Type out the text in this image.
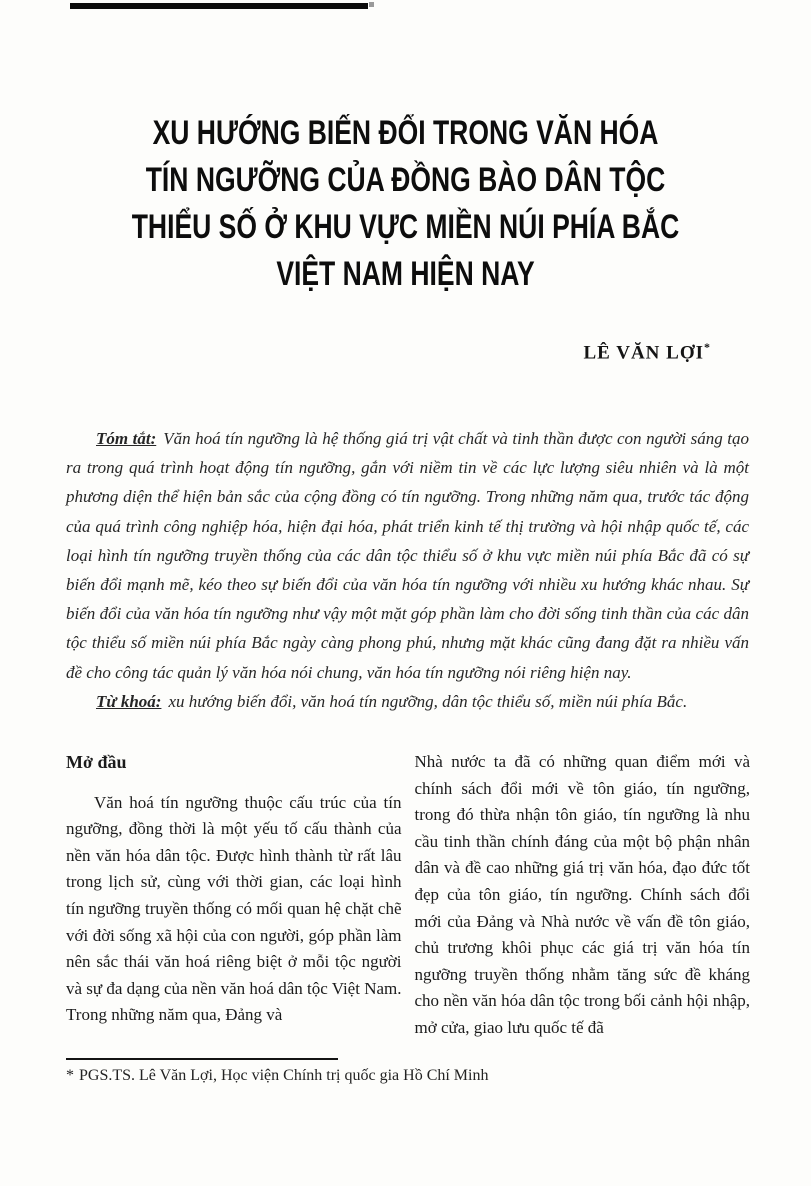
XU HƯỚNG BIẾN ĐỔI TRONG VĂN HÓA
TÍN NGƯỠNG CỦA ĐỒNG BÀO DÂN TỘC
THIỂU SỐ Ở KHU VỰC MIỀN NÚI PHÍA BẮC
VIỆT NAM HIỆN NAY
LÊ VĂN LỢI*

Tóm tắt: Văn hoá tín ngưỡng là hệ thống giá trị vật chất và tinh thần được con người sáng tạo ra trong quá trình hoạt động tín ngưỡng, gắn với niềm tin về các lực lượng siêu nhiên và là một phương diện thể hiện bản sắc của cộng đồng có tín ngưỡng. Trong những năm qua, trước tác động của quá trình công nghiệp hóa, hiện đại hóa, phát triển kinh tế thị trường và hội nhập quốc tế, các loại hình tín ngưỡng truyền thống của các dân tộc thiểu số ở khu vực miền núi phía Bắc đã có sự biến đổi mạnh mẽ, kéo theo sự biến đổi của văn hóa tín ngưỡng với nhiều xu hướng khác nhau. Sự biến đổi của văn hóa tín ngưỡng như vậy một mặt góp phần làm cho đời sống tinh thần của các dân tộc thiểu số miền núi phía Bắc ngày càng phong phú, nhưng mặt khác cũng đang đặt ra nhiều vấn đề cho công tác quản lý văn hóa nói chung, văn hóa tín ngưỡng nói riêng hiện nay.

Từ khoá: xu hướng biến đổi, văn hoá tín ngưỡng, dân tộc thiểu số, miền núi phía Bắc.

Mở đầu

Văn hoá tín ngưỡng thuộc cấu trúc của tín ngưỡng, đồng thời là một yếu tố cấu thành của nền văn hóa dân tộc. Được hình thành từ rất lâu trong lịch sử, cùng với thời gian, các loại hình tín ngưỡng truyền thống có mối quan hệ chặt chẽ với đời sống xã hội của con người, góp phần làm nên sắc thái văn hoá riêng biệt ở mỗi tộc người và sự đa dạng của nền văn hoá dân tộc Việt Nam. Trong những năm qua, Đảng và

Nhà nước ta đã có những quan điểm mới và chính sách đổi mới về tôn giáo, tín ngưỡng, trong đó thừa nhận tôn giáo, tín ngưỡng là nhu cầu tinh thần chính đáng của một bộ phận nhân dân và đề cao những giá trị văn hóa, đạo đức tốt đẹp của tôn giáo, tín ngưỡng. Chính sách đổi mới của Đảng và Nhà nước về vấn đề tôn giáo, chủ trương khôi phục các giá trị văn hóa tín ngưỡng truyền thống nhằm tăng sức đề kháng cho nền văn hóa dân tộc trong bối cảnh hội nhập, mở cửa, giao lưu quốc tế đã

* PGS.TS. Lê Văn Lợi, Học viện Chính trị quốc gia Hồ Chí Minh
